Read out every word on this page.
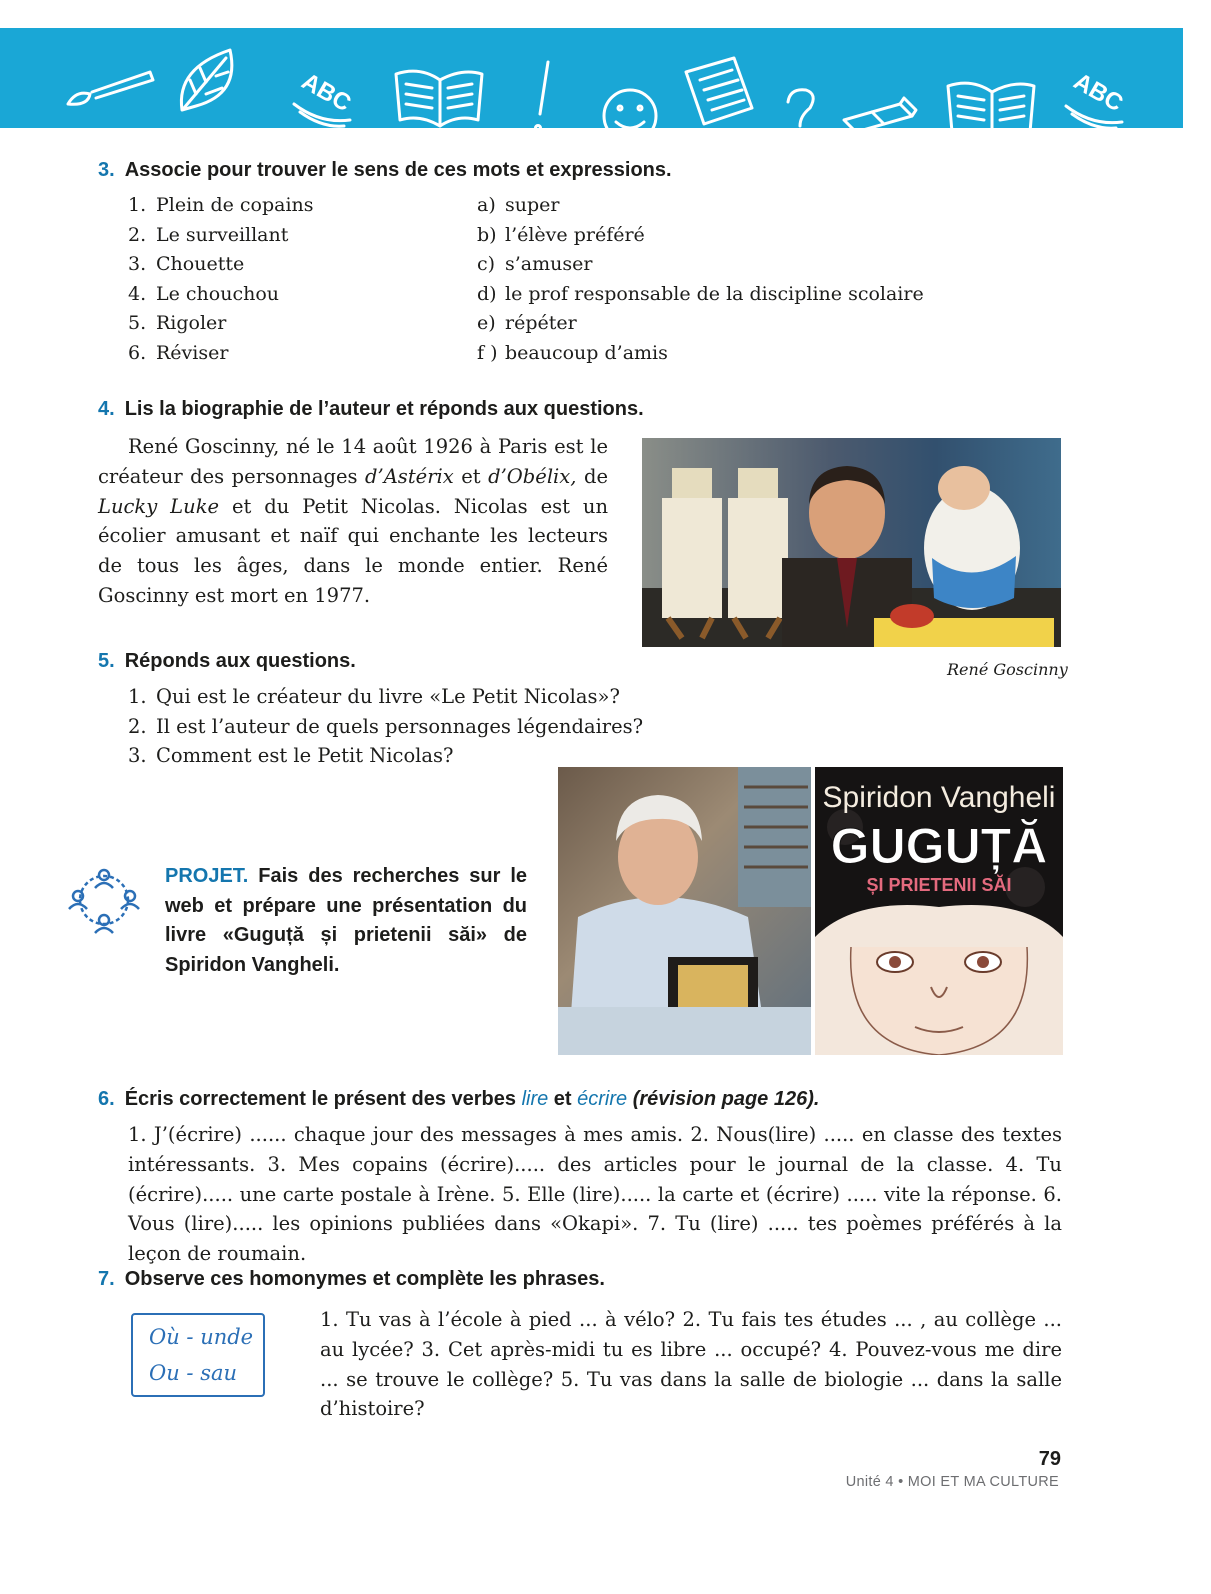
ABC	ABC
3. Associe pour trouver le sens de ces mots et expressions.
1. Plein de copains
2. Le surveillant
3. Chouette
4. Le chouchou
5. Rigoler
6. Réviser
a) super
b) l’élève préféré
c) s’amuser
d) le prof responsable de la discipline scolaire
e) répéter
f ) beaucoup d’amis
4. Lis la biographie de l’auteur et réponds aux questions.
René Goscinny, né le 14 août 1926 à Paris est le créateur des personnages d’Astérix et d’Obélix, de Lucky Luke et du Petit Nicolas. Nicolas est un écolier amusant et naïf qui enchante les lecteurs de tous les âges, dans le monde entier. René Goscinny est mort en 1977.
René Goscinny
5. Réponds aux questions.
1. Qui est le créateur du livre «Le Petit Nicolas»?
2. Il est l’auteur de quels personnages légendaires?
3. Comment est le Petit Nicolas?
PROJET. Fais des recherches sur le web et prépare une présentation du livre «Guguță și prietenii săi» de Spiridon Vangheli.
Spiridon Vangheli
GUGUȚĂ
ȘI PRIETENII SĂI
6. Écris correctement le présent des verbes lire et écrire (révision page 126).
1. J’(écrire) ...... chaque jour des messages à mes amis. 2. Nous(lire) ..... en classe des textes intéressants. 3. Mes copains (écrire)..... des articles pour le journal de la classe. 4. Tu (écrire)..... une carte postale à Irène. 5. Elle (lire)..... la carte et (écrire) ..... vite la réponse. 6. Vous (lire)..... les opinions publiées dans «Okapi». 7. Tu (lire) ..... tes poèmes préférés à la leçon de roumain.
7. Observe ces homonymes et complète les phrases.
Où - unde
Ou - sau
1. Tu vas à l’école à pied ... à vélo? 2. Tu fais tes études ... , au collège ... au lycée? 3. Cet après-midi tu es libre ... occupé? 4. Pouvez-vous me dire ... se trouve le collège? 5. Tu vas dans la salle de biologie ... dans la salle d’histoire?
79
Unité 4 • MOI ET MA CULTURE
